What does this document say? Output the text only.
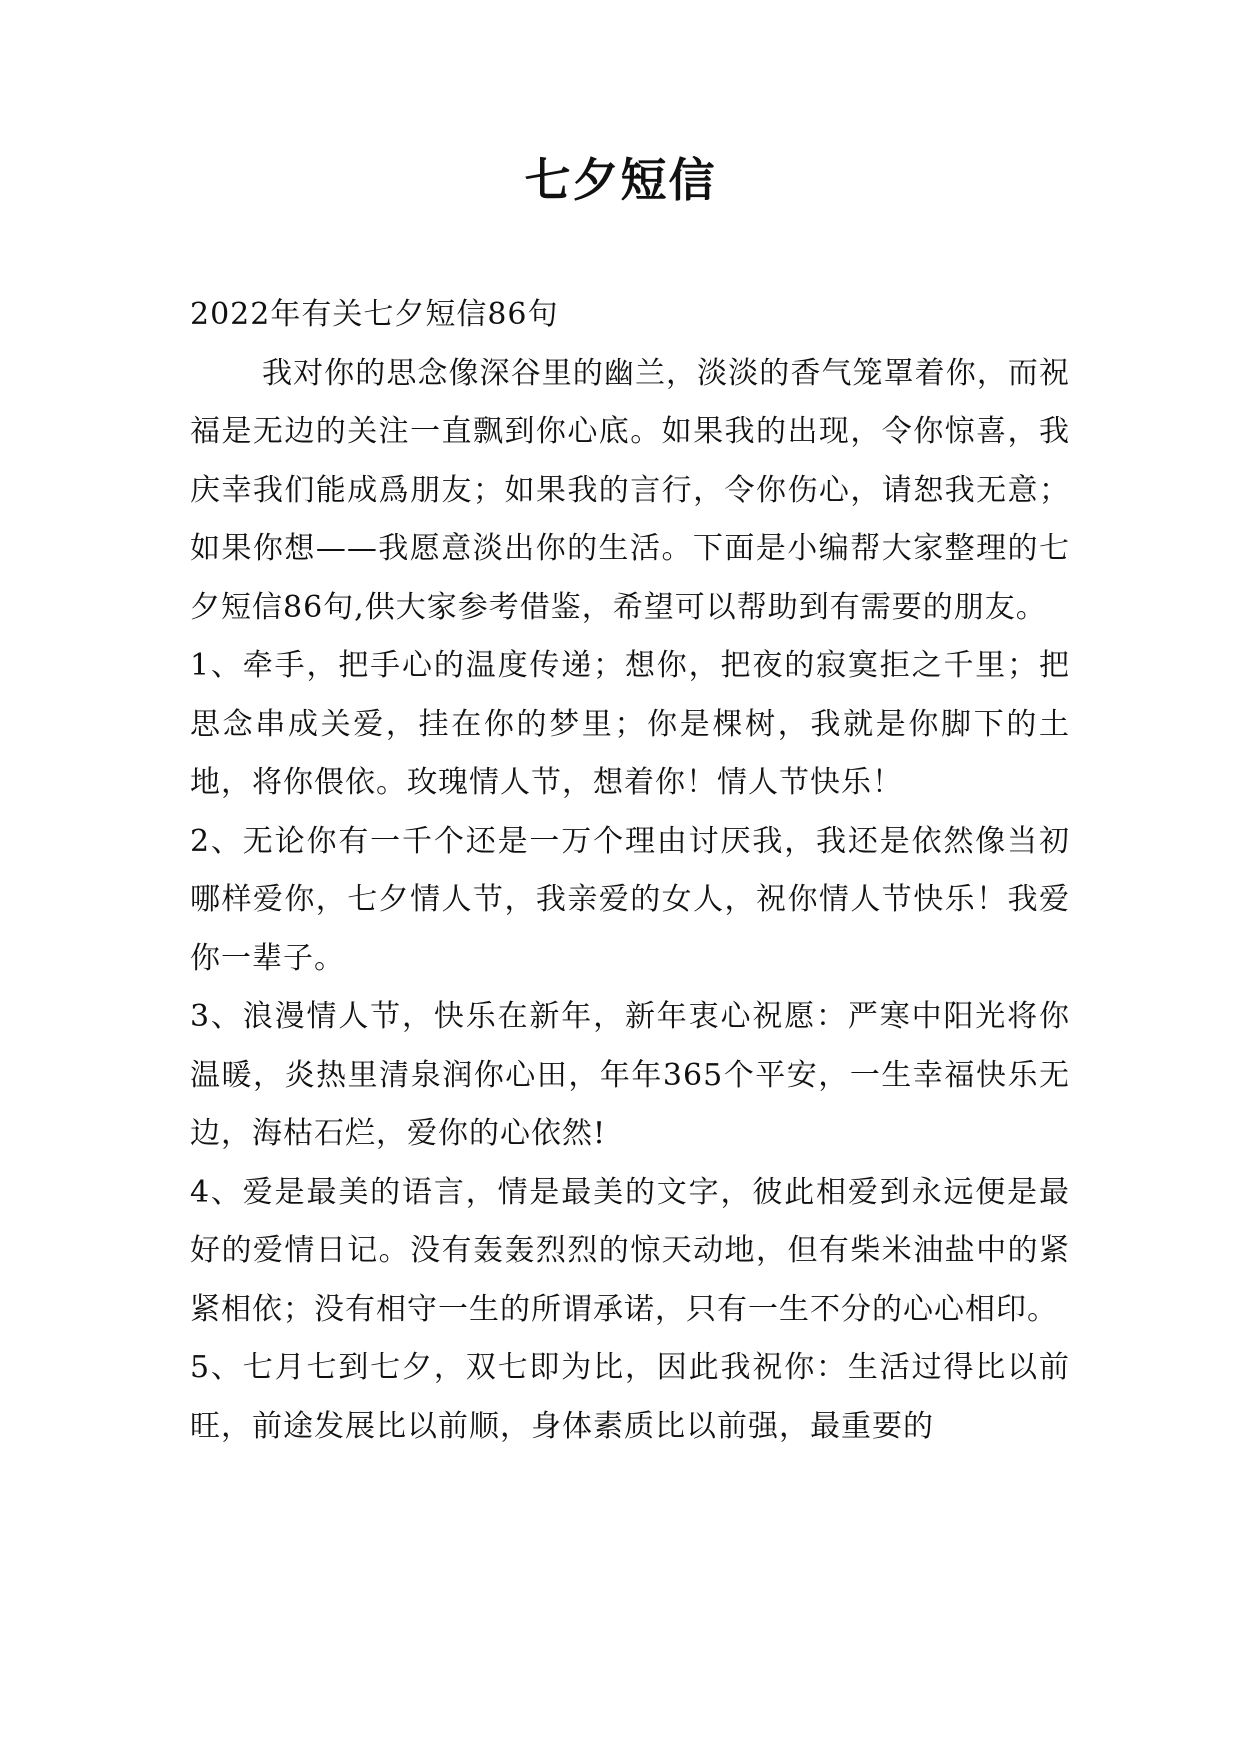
七夕短信

2022年有关七夕短信86句

我对你的思念像深谷里的幽兰，淡淡的香气笼罩着你，而祝福是无边的关注一直飘到你心底。如果我的出现，令你惊喜，我庆幸我们能成爲朋友；如果我的言行，令你伤心，请恕我无意；如果你想——我愿意淡出你的生活。下面是小编帮大家整理的七夕短信86句,供大家参考借鉴，希望可以帮助到有需要的朋友。

1、牵手，把手心的温度传递；想你，把夜的寂寞拒之千里；把思念串成关爱，挂在你的梦里；你是棵树，我就是你脚下的土地，将你偎依。玫瑰情人节，想着你！情人节快乐！

2、无论你有一千个还是一万个理由讨厌我，我还是依然像当初哪样爱你，七夕情人节，我亲爱的女人，祝你情人节快乐！我爱你一辈子。

3、浪漫情人节，快乐在新年，新年衷心祝愿：严寒中阳光将你温暖，炎热里清泉润你心田，年年365个平安，一生幸福快乐无边，海枯石烂，爱你的心依然!

4、爱是最美的语言，情是最美的文字，彼此相爱到永远便是最好的爱情日记。没有轰轰烈烈的惊天动地，但有柴米油盐中的紧紧相依；没有相守一生的所谓承诺，只有一生不分的心心相印。

5、七月七到七夕，双七即为比，因此我祝你：生活过得比以前旺，前途发展比以前顺，身体素质比以前强，最重要的
